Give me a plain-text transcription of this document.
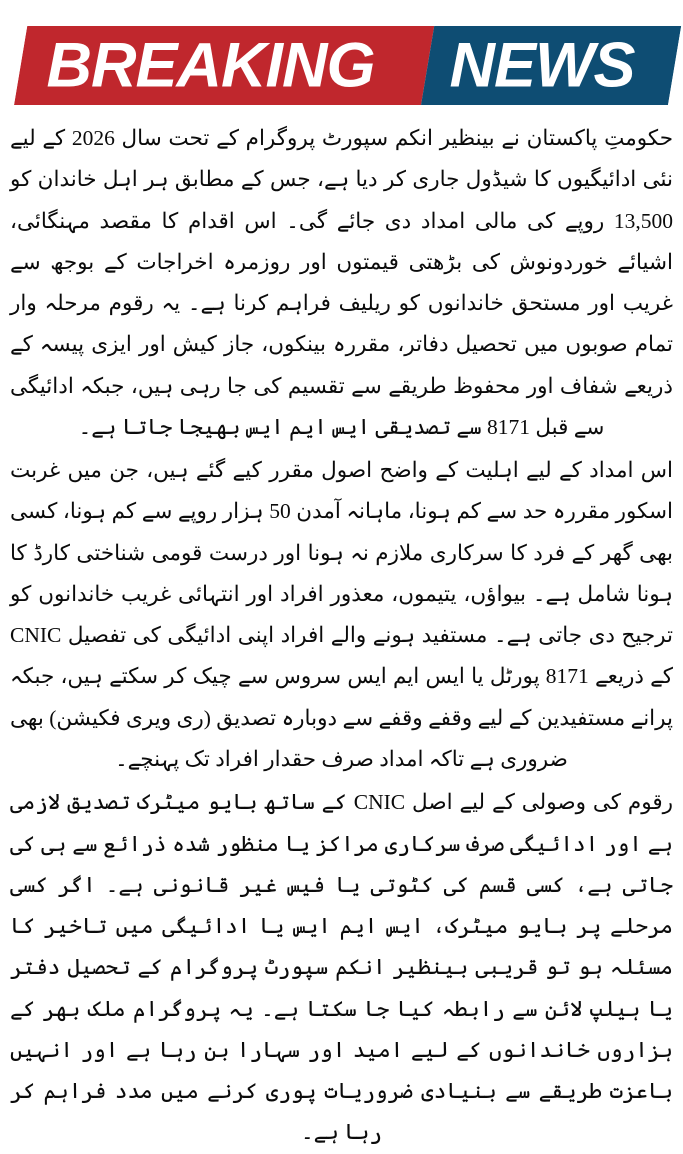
BREAKING NEWS

حکومتِ پاکستان نے بینظیر انکم سپورٹ پروگرام کے تحت سال 2026 کے لیے نئی ادائیگیوں کا شیڈول جاری کر دیا ہے، جس کے مطابق ہر اہل خاندان کو 13,500 روپے کی مالی امداد دی جائے گی۔ اس اقدام کا مقصد مہنگائی، اشیائے خوردونوش کی بڑھتی قیمتوں اور روزمرہ اخراجات کے بوجھ سے غریب اور مستحق خاندانوں کو ریلیف فراہم کرنا ہے۔ یہ رقوم مرحلہ وار تمام صوبوں میں تحصیل دفاتر، مقررہ بینکوں، جاز کیش اور ایزی پیسہ کے ذریعے شفاف اور محفوظ طریقے سے تقسیم کی جا رہی ہیں، جبکہ ادائیگی سے قبل 8171 سے تصدیقی ایس ایم ایس بھیجا جاتا ہے۔

اس امداد کے لیے اہلیت کے واضح اصول مقرر کیے گئے ہیں، جن میں غربت اسکور مقررہ حد سے کم ہونا، ماہانہ آمدن 50 ہزار روپے سے کم ہونا، کسی بھی گھر کے فرد کا سرکاری ملازم نہ ہونا اور درست قومی شناختی کارڈ کا ہونا شامل ہے۔ بیواؤں، یتیموں، معذور افراد اور انتہائی غریب خاندانوں کو ترجیح دی جاتی ہے۔ مستفید ہونے والے افراد اپنی ادائیگی کی تفصیل CNIC کے ذریعے 8171 پورٹل یا ایس ایم ایس سروس سے چیک کر سکتے ہیں، جبکہ پرانے مستفیدین کے لیے وقفے وقفے سے دوبارہ تصدیق (ری ویری فکیشن) بھی ضروری ہے تاکہ امداد صرف حقدار افراد تک پہنچے۔

رقوم کی وصولی کے لیے اصل CNIC کے ساتھ بایو میٹرک تصدیق لازمی ہے اور ادائیگی صرف سرکاری مراکز یا منظور شدہ ذرائع سے ہی کی جاتی ہے، کسی قسم کی کٹوتی یا فیس غیر قانونی ہے۔ اگر کسی مرحلے پر بایو میٹرک، ایس ایم ایس یا ادائیگی میں تاخیر کا مسئلہ ہو تو قریبی بینظیر انکم سپورٹ پروگرام کے تحصیل دفتر یا ہیلپ لائن سے رابطہ کیا جا سکتا ہے۔ یہ پروگرام ملک بھر کے ہزاروں خاندانوں کے لیے امید اور سہارا بن رہا ہے اور انہیں باعزت طریقے سے بنیادی ضروریات پوری کرنے میں مدد فراہم کر رہا ہے۔
